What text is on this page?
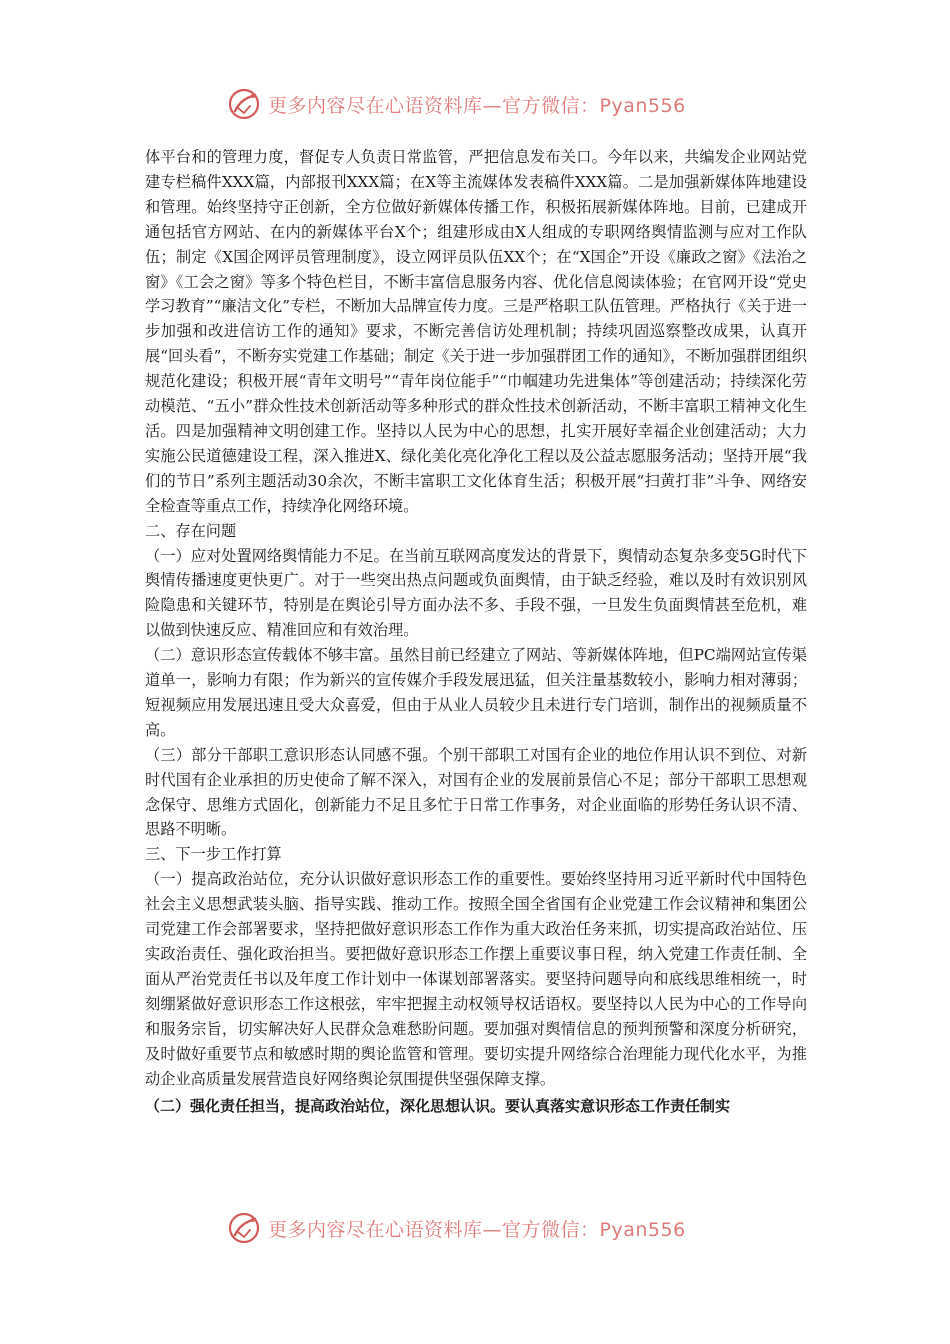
更多内容尽在心语资料库—官方微信：Pyan556

体平台和的管理力度，督促专人负责日常监管，严把信息发布关口。今年以来，共编发企业网站党建专栏稿件XXX篇，内部报刊XXX篇；在X等主流媒体发表稿件XXX篇。二是加强新媒体阵地建设和管理。始终坚持守正创新，全方位做好新媒体传播工作，积极拓展新媒体阵地。目前，已建成开通包括官方网站、在内的新媒体平台X个；组建形成由X人组成的专职网络舆情监测与应对工作队伍；制定《X国企网评员管理制度》，设立网评员队伍XX个；在“X国企”开设《廉政之窗》《法治之窗》《工会之窗》等多个特色栏目，不断丰富信息服务内容、优化信息阅读体验；在官网开设“党史学习教育”“廉洁文化”专栏，不断加大品牌宣传力度。三是严格职工队伍管理。严格执行《关于进一步加强和改进信访工作的通知》要求，不断完善信访处理机制；持续巩固巡察整改成果，认真开展“回头看”，不断夯实党建工作基础；制定《关于进一步加强群团工作的通知》，不断加强群团组织规范化建设；积极开展“青年文明号”“青年岗位能手”“巾帼建功先进集体”等创建活动；持续深化劳动模范、“五小”群众性技术创新活动等多种形式的群众性技术创新活动，不断丰富职工精神文化生活。四是加强精神文明创建工作。坚持以人民为中心的思想，扎实开展好幸福企业创建活动；大力实施公民道德建设工程，深入推进X、绿化美化亮化净化工程以及公益志愿服务活动；坚持开展“我们的节日”系列主题活动30余次，不断丰富职工文化体育生活；积极开展“扫黄打非”斗争、网络安全检查等重点工作，持续净化网络环境。

二、存在问题

（一）应对处置网络舆情能力不足。在当前互联网高度发达的背景下，舆情动态复杂多变5G时代下舆情传播速度更快更广。对于一些突出热点问题或负面舆情，由于缺乏经验，难以及时有效识别风险隐患和关键环节，特别是在舆论引导方面办法不多、手段不强，一旦发生负面舆情甚至危机，难以做到快速反应、精准回应和有效治理。

（二）意识形态宣传载体不够丰富。虽然目前已经建立了网站、等新媒体阵地，但PC端网站宣传渠道单一，影响力有限；作为新兴的宣传媒介手段发展迅猛，但关注量基数较小，影响力相对薄弱；短视频应用发展迅速且受大众喜爱，但由于从业人员较少且未进行专门培训，制作出的视频质量不高。

（三）部分干部职工意识形态认同感不强。个别干部职工对国有企业的地位作用认识不到位、对新时代国有企业承担的历史使命了解不深入，对国有企业的发展前景信心不足；部分干部职工思想观念保守、思维方式固化，创新能力不足且多忙于日常工作事务，对企业面临的形势任务认识不清、思路不明晰。

三、下一步工作打算

（一）提高政治站位，充分认识做好意识形态工作的重要性。要始终坚持用习近平新时代中国特色社会主义思想武装头脑、指导实践、推动工作。按照全国全省国有企业党建工作会议精神和集团公司党建工作会部署要求，坚持把做好意识形态工作作为重大政治任务来抓，切实提高政治站位、压实政治责任、强化政治担当。要把做好意识形态工作摆上重要议事日程，纳入党建工作责任制、全面从严治党责任书以及年度工作计划中一体谋划部署落实。要坚持问题导向和底线思维相统一，时刻绷紧做好意识形态工作这根弦，牢牢把握主动权领导权话语权。要坚持以人民为中心的工作导向和服务宗旨，切实解决好人民群众急难愁盼问题。要加强对舆情信息的预判预警和深度分析研究，及时做好重要节点和敏感时期的舆论监管和管理。要切实提升网络综合治理能力现代化水平，为推动企业高质量发展营造良好网络舆论氛围提供坚强保障支撑。

（二）强化责任担当，提高政治站位，深化思想认识。要认真落实意识形态工作责任制实

更多内容尽在心语资料库—官方微信：Pyan556
